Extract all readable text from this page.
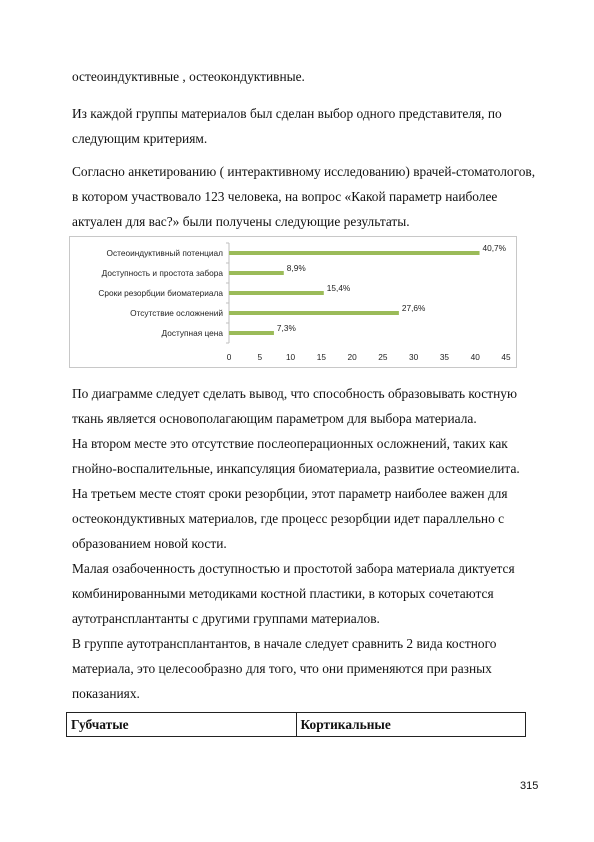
остеоиндуктивные , остеокондуктивные.

Из каждой группы материалов был сделан выбор одного представителя, по следующим критериям.

Согласно анкетированию ( интерактивному исследованию) врачей-стоматологов, в котором участвовало 123 человека, на вопрос «Какой параметр наиболее актуален для вас?» были получены следующие результаты.

Остеоиндуктивный потенциал	40,7%
Доступность и простота забора	8,9%
Сроки резорбции биоматериала	15,4%
Отсутствие осложнений	27,6%
Доступная цена	7,3%
0	5	10	15	20	25	30	35	40	45

По диаграмме следует сделать вывод, что способность образовывать костную ткань является основополагающим параметром для выбора материала.

На втором месте это отсутствие послеоперационных осложнений, таких как гнойно-воспалительные, инкапсуляция биоматериала, развитие остеомиелита.

На третьем месте стоят сроки резорбции, этот параметр наиболее важен для остеокондуктивных материалов, где процесс резорбции идет параллельно с образованием новой кости.

Малая озабоченность доступностью и простотой забора материала диктуется комбинированными методиками костной пластики, в которых сочетаются аутотрансплантанты с другими группами материалов.

В группе аутотрансплантантов, в начале следует сравнить 2 вида костного материала, это целесообразно для того, что они применяются при разных показаниях.

Губчатые	Кортикальные
315
